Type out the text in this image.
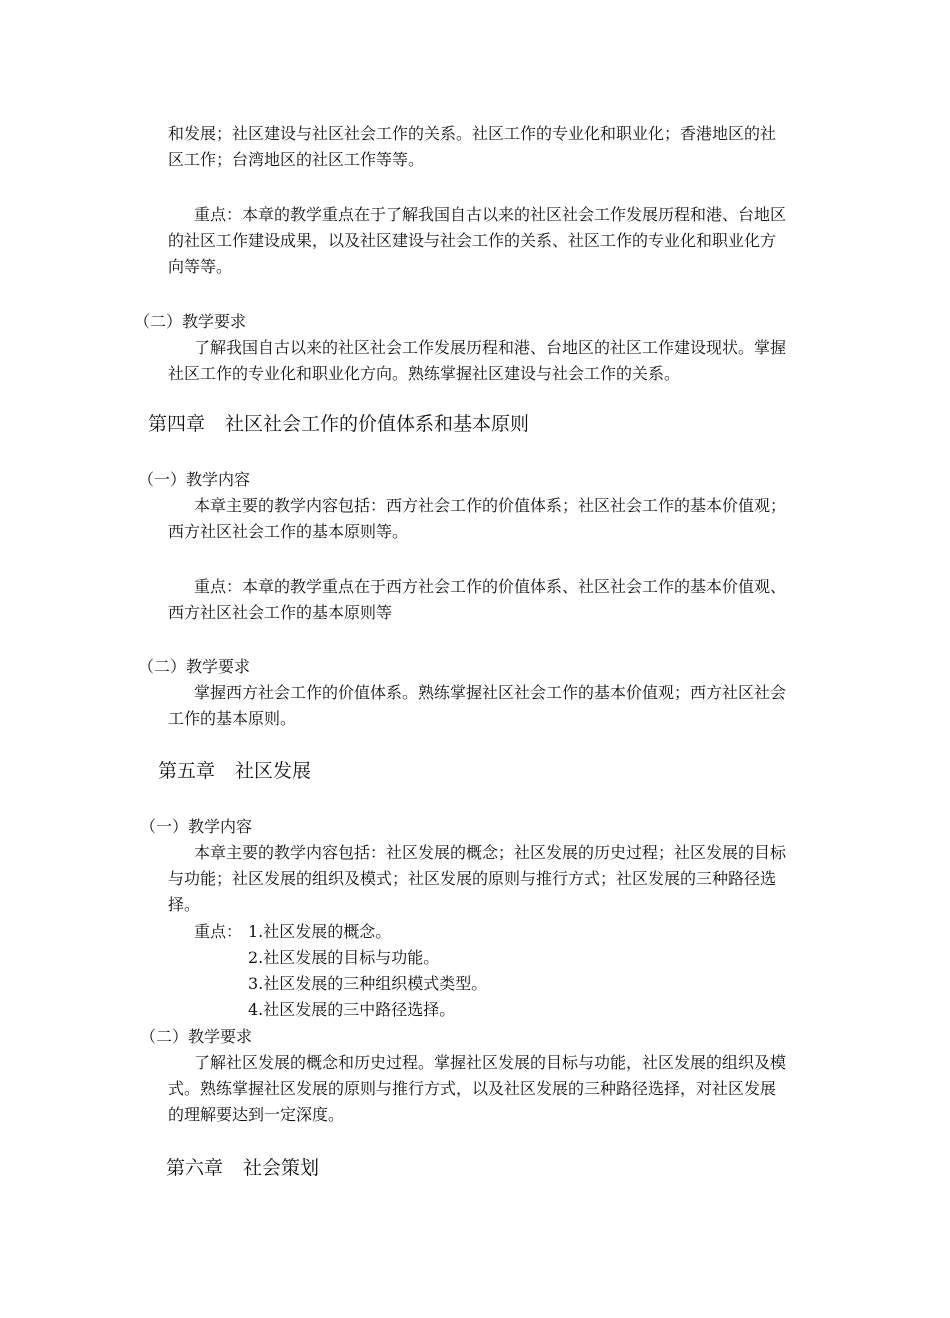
和发展；社区建设与社区社会工作的关系。社区工作的专业化和职业化；香港地区的社
区工作；台湾地区的社区工作等等。
重点：本章的教学重点在于了解我国自古以来的社区社会工作发展历程和港、台地区
的社区工作建设成果，以及社区建设与社会工作的关系、社区工作的专业化和职业化方
向等等。
（二）教学要求
了解我国自古以来的社区社会工作发展历程和港、台地区的社区工作建设现状。掌握
社区工作的专业化和职业化方向。熟练掌握社区建设与社会工作的关系。
第四章 社区社会工作的价值体系和基本原则
（一）教学内容
本章主要的教学内容包括：西方社会工作的价值体系；社区社会工作的基本价值观；
西方社区社会工作的基本原则等。
重点：本章的教学重点在于西方社会工作的价值体系、社区社会工作的基本价值观、
西方社区社会工作的基本原则等
（二）教学要求
掌握西方社会工作的价值体系。熟练掌握社区社会工作的基本价值观；西方社区社会
工作的基本原则。
第五章 社区发展
（一）教学内容
本章主要的教学内容包括：社区发展的概念；社区发展的历史过程；社区发展的目标
与功能；社区发展的组织及模式；社区发展的原则与推行方式；社区发展的三种路径选
择。
重点： 1.社区发展的概念。
2.社区发展的目标与功能。
3.社区发展的三种组织模式类型。
4.社区发展的三中路径选择。
（二）教学要求
了解社区发展的概念和历史过程。掌握社区发展的目标与功能，社区发展的组织及模
式。熟练掌握社区发展的原则与推行方式，以及社区发展的三种路径选择，对社区发展
的理解要达到一定深度。
第六章 社会策划
